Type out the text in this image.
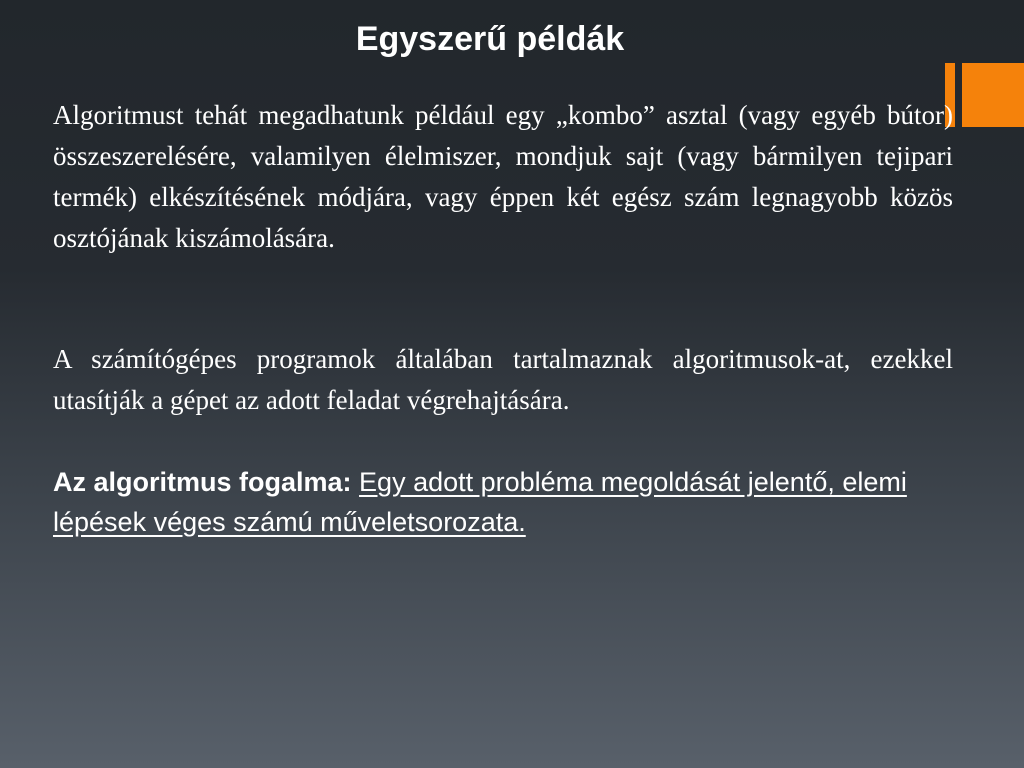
Egyszerű példák

Algoritmust tehát megadhatunk például egy „kombo” asztal (vagy egyéb bútor) összeszerelésére, valamilyen élelmiszer, mondjuk sajt (vagy bármilyen tejipari termék) elkészítésének módjára, vagy éppen két egész szám legnagyobb közös osztójának kiszámolására.

A számítógépes programok általában tartalmaznak algoritmusok-at, ezekkel utasítják a gépet az adott feladat végrehajtására.

Az algoritmus fogalma: Egy adott probléma megoldását jelentő, elemi lépések véges számú műveletsorozata.
